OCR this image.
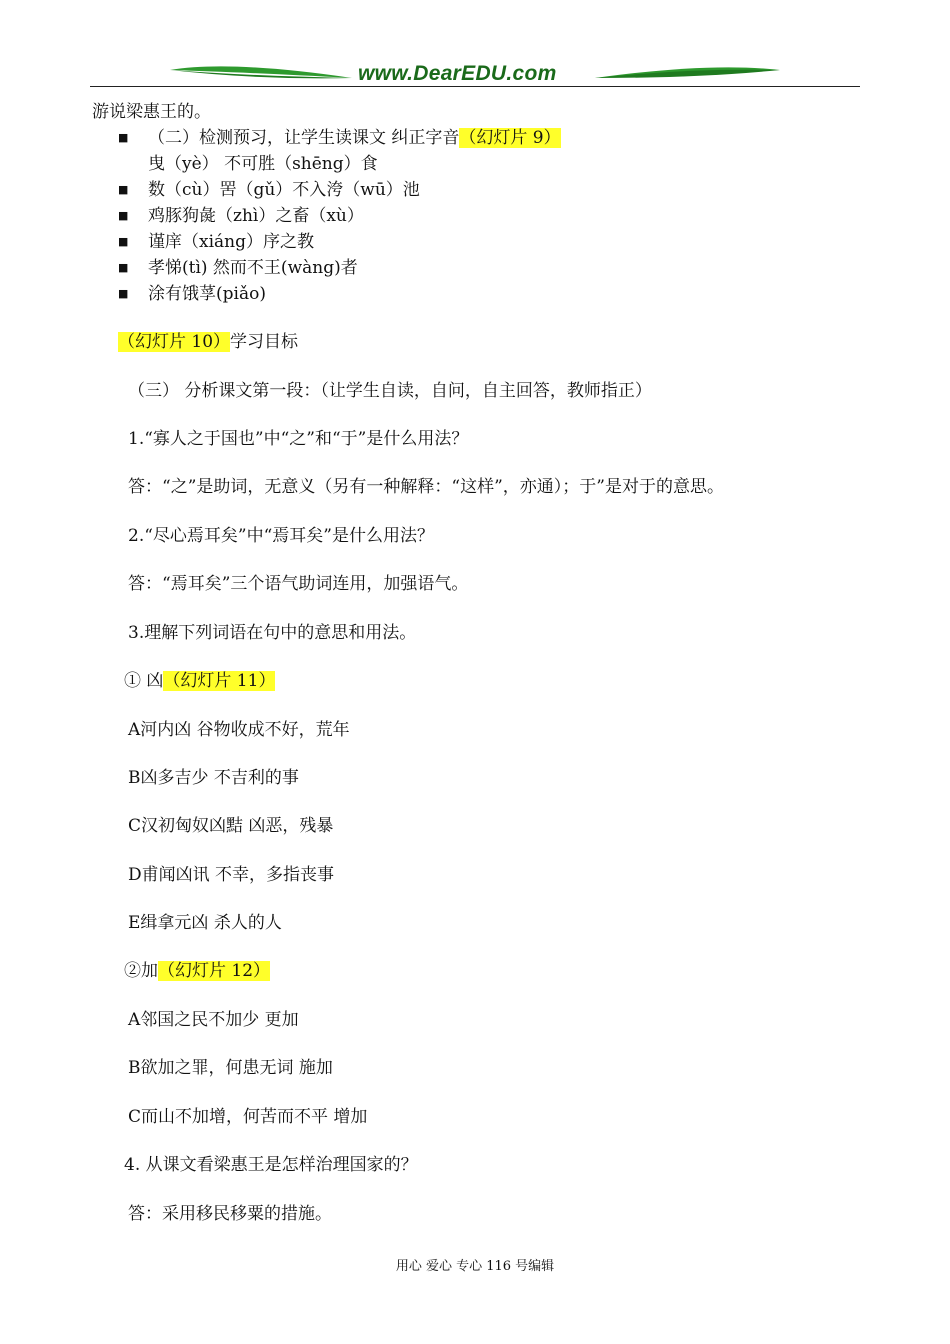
www.DearEDU.com
游说梁惠王的。
■ （二）检测预习，让学生读课文 纠正字音（幻灯片 9）
曳（yè） 不可胜（shēng）食
■ 数（cù）罟（gǔ）不入洿（wū）池
■ 鸡豚狗彘（zhì）之畜（xù）
■ 谨庠（xiáng）序之教
■ 孝悌(tì) 然而不王(wàng)者
■ 涂有饿莩(piǎo)
（幻灯片 10）学习目标
（三） 分析课文第一段：（让学生自读，自问，自主回答，教师指正）
1.“寡人之于国也”中“之”和“于”是什么用法？
答：“之”是助词，无意义（另有一种解释：“这样”，亦通）；于”是对于的意思。
2.“尽心焉耳矣”中“焉耳矣”是什么用法？
答：“焉耳矣”三个语气助词连用，加强语气。
3.理解下列词语在句中的意思和用法。
① 凶（幻灯片 11）
A河内凶 谷物收成不好，荒年
B凶多吉少 不吉利的事
C汉初匈奴凶黠 凶恶，残暴
D甫闻凶讯 不幸，多指丧事
E缉拿元凶 杀人的人
②加（幻灯片 12）
A邻国之民不加少 更加
B欲加之罪，何患无词 施加
C而山不加增，何苦而不平 增加
4. 从课文看梁惠王是怎样治理国家的？
答：采用移民移粟的措施。
用心 爱心 专心 116 号编辑
